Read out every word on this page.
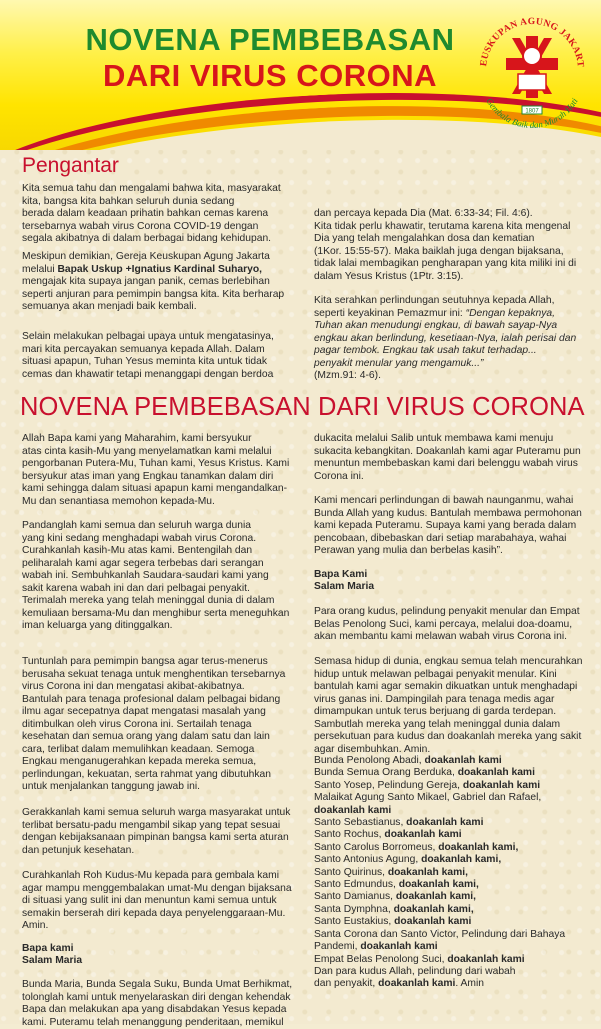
NOVENA PEMBEBASAN
DARI VIRUS CORONA	EUSKUPAN AGUNG JAKART
Gembala Baik dan Murah Hati
1807
Pengantar

Kita semua tahu dan mengalami bahwa kita, masyarakat
kita, bangsa kita bahkan seluruh dunia sedang
berada dalam keadaan prihatin bahkan cemas karena
tersebarnya wabah virus Corona COVID-19 dengan
segala akibatnya di dalam berbagai bidang kehidupan.

Meskipun demikian, Gereja Keuskupan Agung Jakarta
melalui Bapak Uskup +Ignatius Kardinal Suharyo,
mengajak kita supaya jangan panik, cemas berlebihan
seperti anjuran para pemimpin bangsa kita. Kita berharap
semuanya akan menjadi baik kembali.

Selain melakukan pelbagai upaya untuk mengatasinya,
mari kita percayakan semuanya kepada Allah. Dalam
situasi apapun, Tuhan Yesus meminta kita untuk tidak
cemas dan khawatir tetapi menanggapi dengan berdoa

dan percaya kepada Dia (Mat. 6:33-34; Fil. 4:6).
Kita tidak perlu khawatir, terutama karena kita mengenal
Dia yang telah mengalahkan dosa dan kematian
(1Kor. 15:55-57). Maka baiklah juga dengan bijaksana,
tidak lalai membagikan pengharapan yang kita miliki ini di
dalam Yesus Kristus (1Ptr. 3:15).

Kita serahkan perlindungan seutuhnya kepada Allah,
seperti keyakinan Pemazmur ini: “Dengan kepaknya,
Tuhan akan menudungi engkau, di bawah sayap-Nya
engkau akan berlindung, kesetiaan-Nya, ialah perisai dan
pagar tembok. Engkau tak usah takut terhadap...
penyakit menular yang mengamuk...”
(Mzm.91: 4-6).

NOVENA PEMBEBASAN DARI VIRUS CORONA

Allah Bapa kami yang Maharahim, kami bersyukur
atas cinta kasih-Mu yang menyelamatkan kami melalui
pengorbanan Putera-Mu, Tuhan kami, Yesus Kristus. Kami
bersyukur atas iman yang Engkau tanamkan dalam diri
kami sehingga dalam situasi apapun kami mengandalkan-
Mu dan senantiasa memohon kepada-Mu.

Pandanglah kami semua dan seluruh warga dunia
yang kini sedang menghadapi wabah virus Corona.
Curahkanlah kasih-Mu atas kami. Bentengilah dan
peliharalah kami agar segera terbebas dari serangan
wabah ini. Sembuhkanlah Saudara-saudari kami yang
sakit karena wabah ini dan dari pelbagai penyakit.
Terimalah mereka yang telah meninggal dunia di dalam
kemuliaan bersama-Mu dan menghibur serta meneguhkan
iman keluarga yang ditinggalkan.

Tuntunlah para pemimpin bangsa agar terus-menerus
berusaha sekuat tenaga untuk menghentikan tersebarnya
virus Corona ini dan mengatasi akibat-akibatnya.
Bantulah para tenaga profesional dalam pelbagai bidang
ilmu agar secepatnya dapat mengatasi masalah yang
ditimbulkan oleh virus Corona ini. Sertailah tenaga
kesehatan dan semua orang yang dalam satu dan lain
cara, terlibat dalam memulihkan keadaan. Semoga
Engkau menganugerahkan kepada mereka semua,
perlindungan, kekuatan, serta rahmat yang dibutuhkan
untuk menjalankan tanggung jawab ini.

Gerakkanlah kami semua seluruh warga masyarakat untuk
terlibat bersatu-padu mengambil sikap yang tepat sesuai
dengan kebijaksanaan pimpinan bangsa kami serta aturan
dan petunjuk kesehatan.

Curahkanlah Roh Kudus-Mu kepada para gembala kami
agar mampu menggembalakan umat-Mu dengan bijaksana
di situasi yang sulit ini dan menuntun kami semua untuk
semakin berserah diri kepada daya penyelenggaraan-Mu.
Amin.

Bapa kami

Salam Maria

Bunda Maria, Bunda Segala Suku, Bunda Umat Berhikmat,
tolonglah kami untuk menyelaraskan diri dengan kehendak
Bapa dan melakukan apa yang disabdakan Yesus kepada
kami. Puteramu telah menanggung penderitaan, memikul

dukacita melalui Salib untuk membawa kami menuju
sukacita kebangkitan. Doakanlah kami agar Puteramu pun
menuntun membebaskan kami dari belenggu wabah virus
Corona ini.

Kami mencari perlindungan di bawah naunganmu, wahai
Bunda Allah yang kudus. Bantulah membawa permohonan
kami kepada Puteramu. Supaya kami yang berada dalam
pencobaan, dibebaskan dari setiap marabahaya, wahai
Perawan yang mulia dan berbelas kasih”.

Bapa Kami

Salam Maria

Para orang kudus, pelindung penyakit menular dan Empat
Belas Penolong Suci, kami percaya, melalui doa-doamu,
akan membantu kami melawan wabah virus Corona ini.

Semasa hidup di dunia, engkau semua telah mencurahkan
hidup untuk melawan pelbagai penyakit menular. Kini
bantulah kami agar semakin dikuatkan untuk menghadapi
virus ganas ini. Dampingilah para tenaga medis agar
dimampukan untuk terus berjuang di garda terdepan.
Sambutlah mereka yang telah meninggal dunia dalam
persekutuan para kudus dan doakanlah mereka yang sakit
agar disembuhkan. Amin.

Bunda Penolong Abadi, doakanlah kami
Bunda Semua Orang Berduka, doakanlah kami
Santo Yosep, Pelindung Gereja, doakanlah kami
Malaikat Agung Santo Mikael, Gabriel dan Rafael,
doakanlah kami
Santo Sebastianus, doakanlah kami
Santo Rochus, doakanlah kami
Santo Carolus Borromeus, doakanlah kami,
Santo Antonius Agung, doakanlah kami,
Santo Quirinus, doakanlah kami,
Santo Edmundus, doakanlah kami,
Santo Damianus, doakanlah kami,
Santa Dymphna, doakanlah kami,
Santo Eustakius, doakanlah kami
Santa Corona dan Santo Victor, Pelindung dari Bahaya
Pandemi, doakanlah kami
Empat Belas Penolong Suci, doakanlah kami
Dan para kudus Allah, pelindung dari wabah
dan penyakit, doakanlah kami. Amin
